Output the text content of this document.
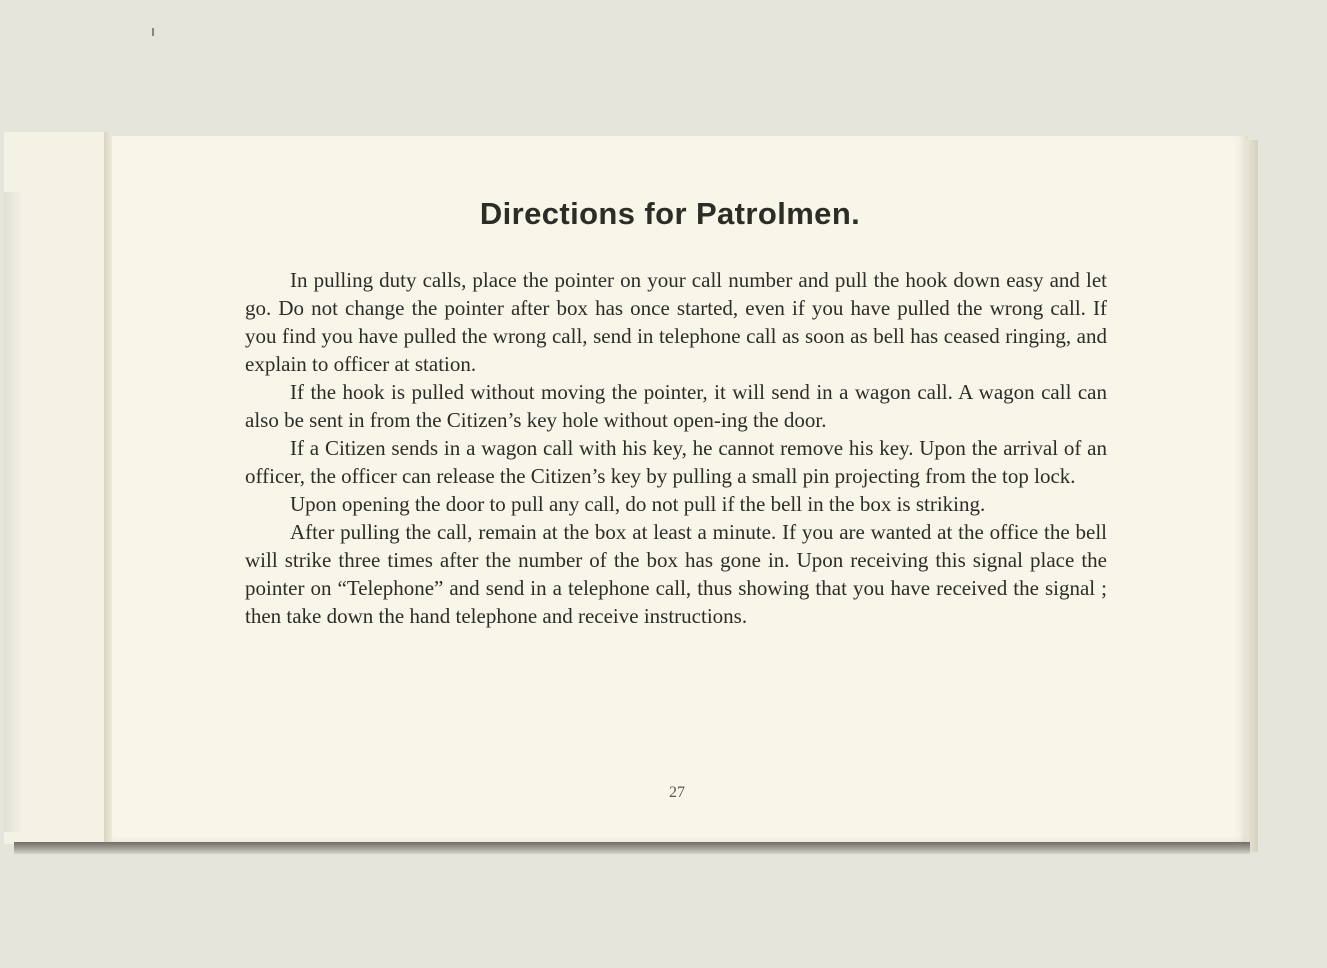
Directions for Patrolmen.

In pulling duty calls, place the pointer on your call number and pull the hook down easy and let go. Do not change the pointer after box has once started, even if you have pulled the wrong call. If you find you have pulled the wrong call, send in telephone call as soon as bell has ceased ringing, and explain to officer at station.

If the hook is pulled without moving the pointer, it will send in a wagon call. A wagon call can also be sent in from the Citizen’s key hole without open-ing the door.

If a Citizen sends in a wagon call with his key, he cannot remove his key. Upon the arrival of an officer, the officer can release the Citizen’s key by pulling a small pin projecting from the top lock.

Upon opening the door to pull any call, do not pull if the bell in the box is striking.

After pulling the call, remain at the box at least a minute. If you are wanted at the office the bell will strike three times after the number of the box has gone in. Upon receiving this signal place the pointer on “Telephone” and send in a telephone call, thus showing that you have received the signal ; then take down the hand telephone and receive instructions.

27
